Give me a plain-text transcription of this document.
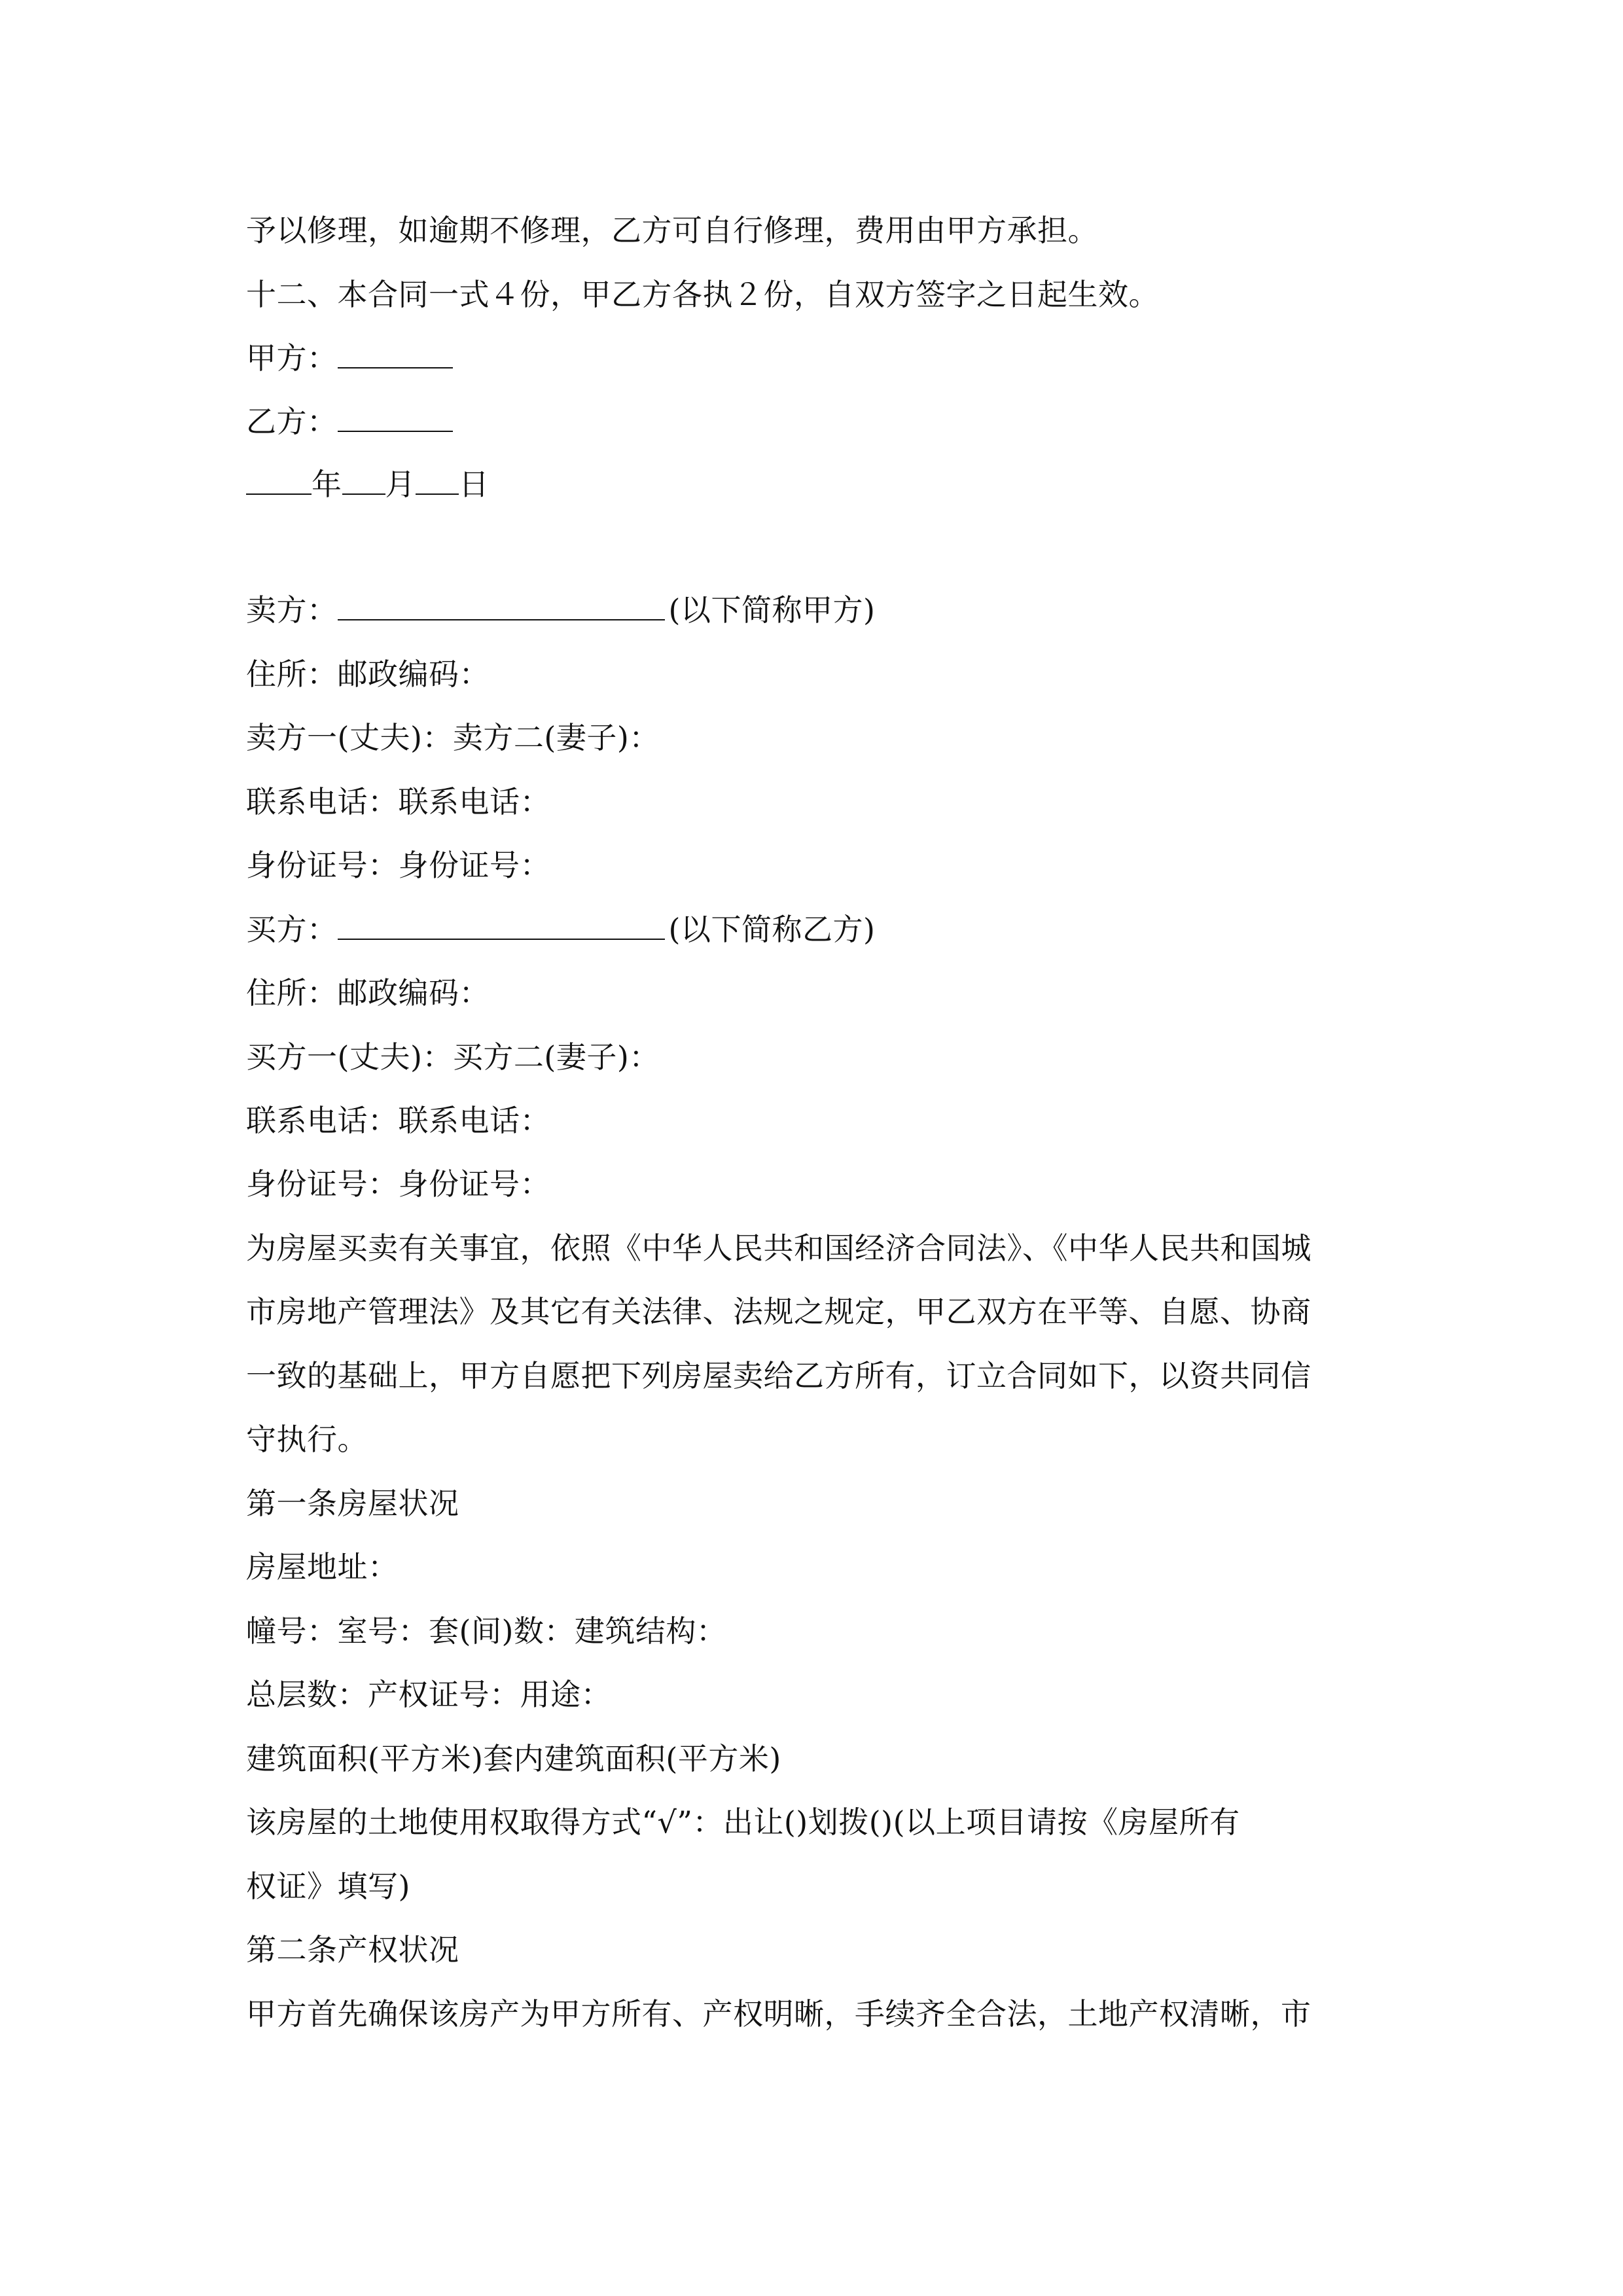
予以修理，如逾期不修理，乙方可自行修理，费用由甲方承担。
十二、本合同一式４份，甲乙方各执２份，自双方签字之日起生效。
甲方：
乙方：
年 月 日
卖方：	(以下简称甲方)
住所：邮政编码：
卖方一(丈夫)：卖方二(妻子)：
联系电话：联系电话：
身份证号：身份证号：
买方：	(以下简称乙方)
住所：邮政编码：
买方一(丈夫)：买方二(妻子)：
联系电话：联系电话：
身份证号：身份证号：
为房屋买卖有关事宜，依照《中华人民共和国经济合同法》、《中华人民共和国城
市房地产管理法》及其它有关法律、法规之规定，甲乙双方在平等、自愿、协商
一致的基础上，甲方自愿把下列房屋卖给乙方所有，订立合同如下，以资共同信
守执行。
第一条房屋状况
房屋地址：
幢号：室号：套(间)数：建筑结构：
总层数：产权证号：用途：
建筑面积(平方米)套内建筑面积(平方米)
该房屋的土地使用权取得方式“√”：出让()划拨()(以上项目请按《房屋所有
权证》填写)
第二条产权状况
甲方首先确保该房产为甲方所有、产权明晰，手续齐全合法，土地产权清晰，市
